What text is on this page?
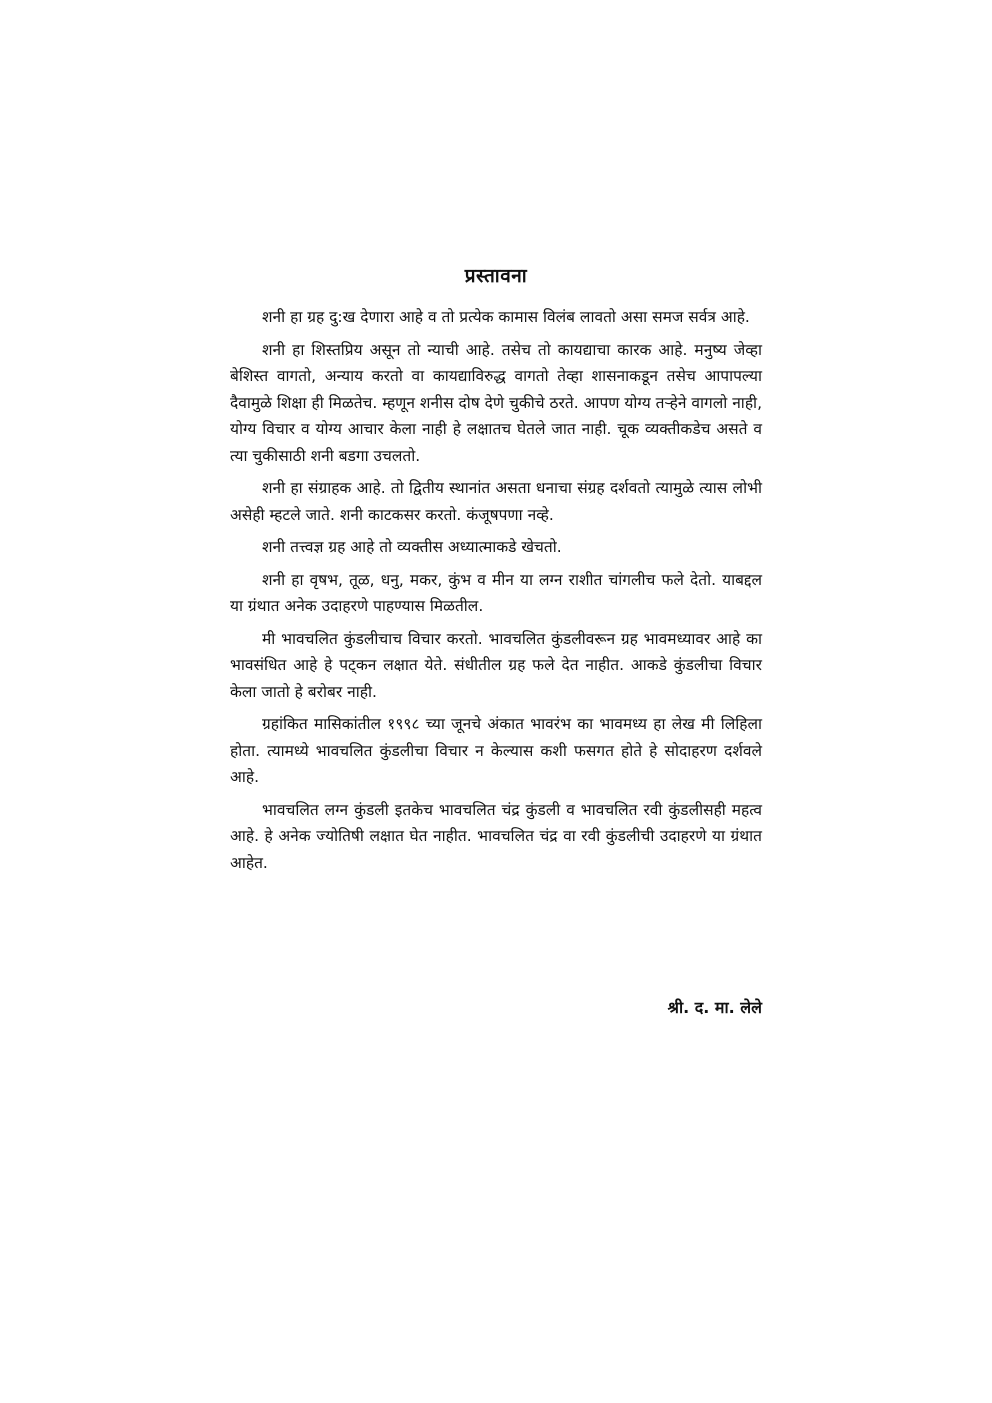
प्रस्तावना

शनी हा ग्रह दु:ख देणारा आहे व तो प्रत्येक कामास विलंब लावतो असा समज सर्वत्र आहे.

शनी हा शिस्तप्रिय असून तो न्याची आहे. तसेच तो कायद्याचा कारक आहे. मनुष्य जेव्हा बेशिस्त वागतो, अन्याय करतो वा कायद्याविरुद्ध वागतो तेव्हा शासनाकडून तसेच आपापल्या दैवामुळे शिक्षा ही मिळतेच. म्हणून शनीस दोष देणे चुकीचे ठरते. आपण योग्य तऱ्हेने वागलो नाही, योग्य विचार व योग्य आचार केला नाही हे लक्षातच घेतले जात नाही. चूक व्यक्तीकडेच असते व त्या चुकीसाठी शनी बडगा उचलतो.

शनी हा संग्राहक आहे. तो द्वितीय स्थानांत असता धनाचा संग्रह दर्शवतो त्यामुळे त्यास लोभी असेही म्हटले जाते. शनी काटकसर करतो. कंजूषपणा नव्हे.

शनी तत्त्वज्ञ ग्रह आहे तो व्यक्तीस अध्यात्माकडे खेचतो.

शनी हा वृषभ, तूळ, धनु, मकर, कुंभ व मीन या लग्न राशीत चांगलीच फले देतो. याबद्दल या ग्रंथात अनेक उदाहरणे पाहण्यास मिळतील.

मी भावचलित कुंडलीचाच विचार करतो. भावचलित कुंडलीवरून ग्रह भावमध्यावर आहे का भावसंधित आहे हे पट्कन लक्षात येते. संधीतील ग्रह फले देत नाहीत. आकडे कुंडलीचा विचार केला जातो हे बरोबर नाही.

ग्रहांकित मासिकांतील १९९८ च्या जूनचे अंकात भावरंभ का भावमध्य हा लेख मी लिहिला होता. त्यामध्ये भावचलित कुंडलीचा विचार न केल्यास कशी फसगत होते हे सोदाहरण दर्शवले आहे.

भावचलित लग्न कुंडली इतकेच भावचलित चंद्र कुंडली व भावचलित रवी कुंडलीसही महत्व आहे. हे अनेक ज्योतिषी लक्षात घेत नाहीत. भावचलित चंद्र वा रवी कुंडलीची उदाहरणे या ग्रंथात आहेत.

श्री. द. मा. लेले
